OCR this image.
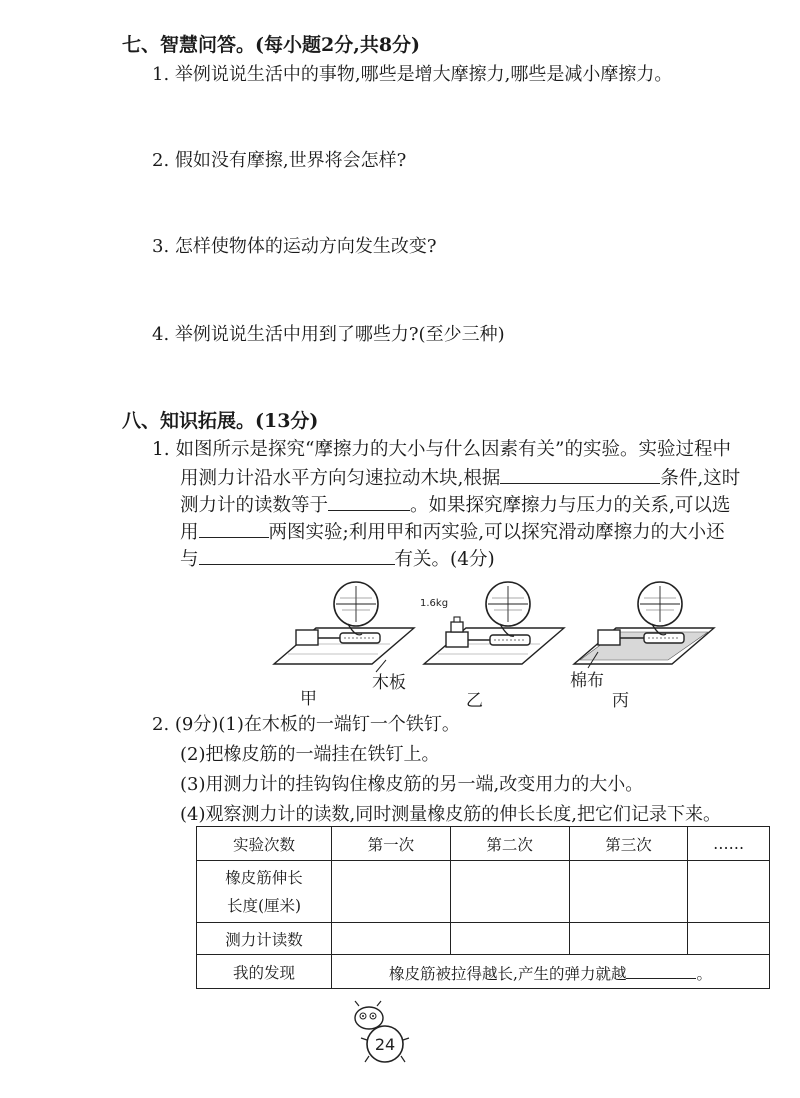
七、智慧问答。(每小题2分,共8分)
1. 举例说说生活中的事物,哪些是增大摩擦力,哪些是减小摩擦力。
2. 假如没有摩擦,世界将会怎样?
3. 怎样使物体的运动方向发生改变?
4. 举例说说生活中用到了哪些力?(至少三种)
八、知识拓展。(13分)
1. 如图所示是探究“摩擦力的大小与什么因素有关”的实验。实验过程中
用测力计沿水平方向匀速拉动木块,根据	条件,这时
测力计的读数等于	。如果探究摩擦力与压力的关系,可以选
用	两图实验;利用甲和丙实验,可以探究滑动摩擦力的大小还
与	有关。(4分)
1.6kg
木板	棉布
甲	乙	丙
2. (9分)(1)在木板的一端钉一个铁钉。
(2)把橡皮筋的一端挂在铁钉上。
(3)用测力计的挂钩钩住橡皮筋的另一端,改变用力的大小。
(4)观察测力计的读数,同时测量橡皮筋的伸长长度,把它们记录下来。
实验次数	第一次	第二次	第三次	……

橡皮筋伸长
长度(厘米)				

测力计读数				
我的发现	橡皮筋被拉得越长,产生的弹力就越 。			
24
